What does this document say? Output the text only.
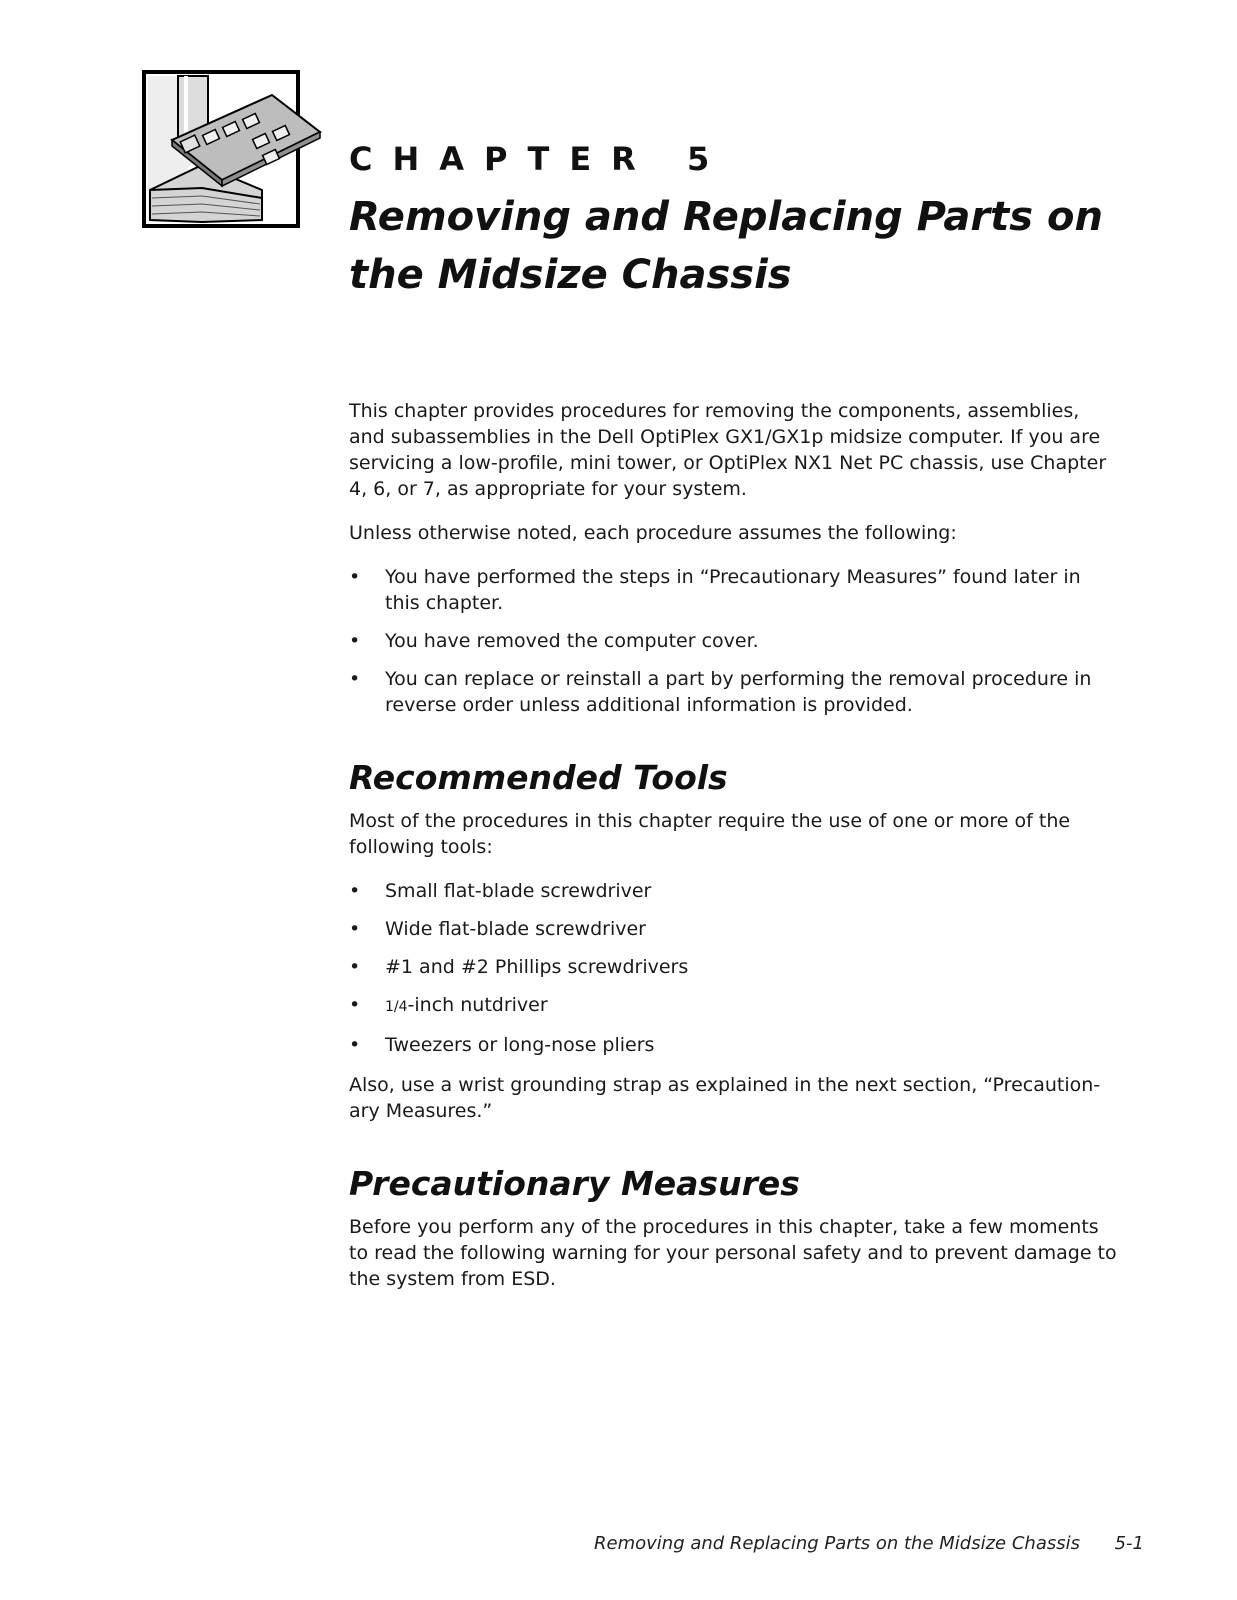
CHAPTER 5
Removing and Replacing Parts on the Midsize Chassis

This chapter provides procedures for removing the components, assemblies, and subassemblies in the Dell OptiPlex GX1/GX1p midsize computer. If you are servicing a low-profile, mini tower, or OptiPlex NX1 Net PC chassis, use Chapter 4, 6, or 7, as appropriate for your system.

Unless otherwise noted, each procedure assumes the following:

• You have performed the steps in “Precautionary Measures” found later in this chapter.
• You have removed the computer cover.
• You can replace or reinstall a part by performing the removal procedure in reverse order unless additional information is provided.
Recommended Tools

Most of the procedures in this chapter require the use of one or more of the following tools:

• Small flat-blade screwdriver
• Wide flat-blade screwdriver
• #1 and #2 Phillips screwdrivers
• 1/4-inch nutdriver
• Tweezers or long-nose pliers

Also, use a wrist grounding strap as explained in the next section, “Precaution-ary Measures.”

Precautionary Measures

Before you perform any of the procedures in this chapter, take a few moments to read the following warning for your personal safety and to prevent damage to the system from ESD.

Removing and Replacing Parts on the Midsize Chassis 5-1
